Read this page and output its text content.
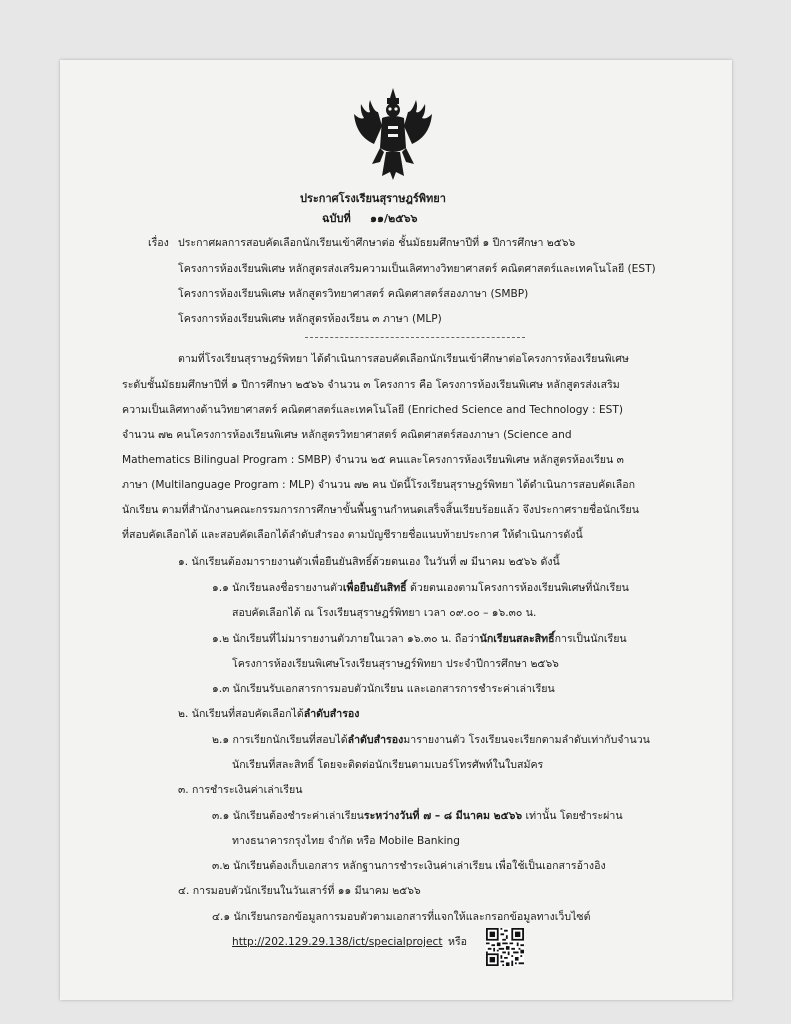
ประกาศโรงเรียนสุราษฎร์พิทยา
ฉบับที่ ๑๑/๒๕๖๖
เรื่อง ประกาศผลการสอบคัดเลือกนักเรียนเข้าศึกษาต่อ ชั้นมัธยมศึกษาปีที่ ๑ ปีการศึกษา ๒๕๖๖
โครงการห้องเรียนพิเศษ หลักสูตรส่งเสริมความเป็นเลิศทางวิทยาศาสตร์ คณิตศาสตร์และเทคโนโลยี (EST)
โครงการห้องเรียนพิเศษ หลักสูตรวิทยาศาสตร์ คณิตศาสตร์สองภาษา (SMBP)
โครงการห้องเรียนพิเศษ หลักสูตรห้องเรียน ๓ ภาษา (MLP)
ตามที่โรงเรียนสุราษฎร์พิทยา ได้ดำเนินการสอบคัดเลือกนักเรียนเข้าศึกษาต่อโครงการห้องเรียนพิเศษ
ระดับชั้นมัธยมศึกษาปีที่ ๑ ปีการศึกษา ๒๕๖๖ จำนวน ๓ โครงการ คือ โครงการห้องเรียนพิเศษ หลักสูตรส่งเสริม
ความเป็นเลิศทางด้านวิทยาศาสตร์ คณิตศาสตร์และเทคโนโลยี (Enriched Science and Technology : EST)
จำนวน ๗๒ คนโครงการห้องเรียนพิเศษ หลักสูตรวิทยาศาสตร์ คณิตศาสตร์สองภาษา (Science and
Mathematics Bilingual Program : SMBP) จำนวน ๒๕ คนและโครงการห้องเรียนพิเศษ หลักสูตรห้องเรียน ๓
ภาษา (Multilanguage Program : MLP) จำนวน ๗๒ คน บัดนี้โรงเรียนสุราษฎร์พิทยา ได้ดำเนินการสอบคัดเลือก
นักเรียน ตามที่สำนักงานคณะกรรมการการศึกษาขั้นพื้นฐานกำหนดเสร็จสิ้นเรียบร้อยแล้ว จึงประกาศรายชื่อนักเรียน
ที่สอบคัดเลือกได้ และสอบคัดเลือกได้ลำดับสำรอง ตามบัญชีรายชื่อแนบท้ายประกาศ ให้ดำเนินการดังนี้
๑. นักเรียนต้องมารายงานตัวเพื่อยืนยันสิทธิ์ด้วยตนเอง ในวันที่ ๗ มีนาคม ๒๕๖๖ ดังนี้
๑.๑ นักเรียนลงชื่อรายงานตัวเพื่อยืนยันสิทธิ์ ด้วยตนเองตามโครงการห้องเรียนพิเศษที่นักเรียน
สอบคัดเลือกได้ ณ โรงเรียนสุราษฎร์พิทยา เวลา ๐๙.๐๐ – ๑๖.๓๐ น.
๑.๒ นักเรียนที่ไม่มารายงานตัวภายในเวลา ๑๖.๓๐ น. ถือว่านักเรียนสละสิทธิ์การเป็นนักเรียน
โครงการห้องเรียนพิเศษโรงเรียนสุราษฎร์พิทยา ประจำปีการศึกษา ๒๕๖๖
๑.๓ นักเรียนรับเอกสารการมอบตัวนักเรียน และเอกสารการชำระค่าเล่าเรียน
๒. นักเรียนที่สอบคัดเลือกได้ลำดับสำรอง
๒.๑ การเรียกนักเรียนที่สอบได้ลำดับสำรองมารายงานตัว โรงเรียนจะเรียกตามลำดับเท่ากับจำนวน
นักเรียนที่สละสิทธิ์ โดยจะติดต่อนักเรียนตามเบอร์โทรศัพท์ในใบสมัคร
๓. การชำระเงินค่าเล่าเรียน
๓.๑ นักเรียนต้องชำระค่าเล่าเรียนระหว่างวันที่ ๗ – ๘ มีนาคม ๒๕๖๖ เท่านั้น โดยชำระผ่าน
ทางธนาคารกรุงไทย จำกัด หรือ Mobile Banking
๓.๒ นักเรียนต้องเก็บเอกสาร หลักฐานการชำระเงินค่าเล่าเรียน เพื่อใช้เป็นเอกสารอ้างอิง
๔. การมอบตัวนักเรียนในวันเสาร์ที่ ๑๑ มีนาคม ๒๕๖๖
๔.๑ นักเรียนกรอกข้อมูลการมอบตัวตามเอกสารที่แจกให้และกรอกข้อมูลทางเว็บไซต์
http://202.129.29.138/ict/specialproject หรือ
